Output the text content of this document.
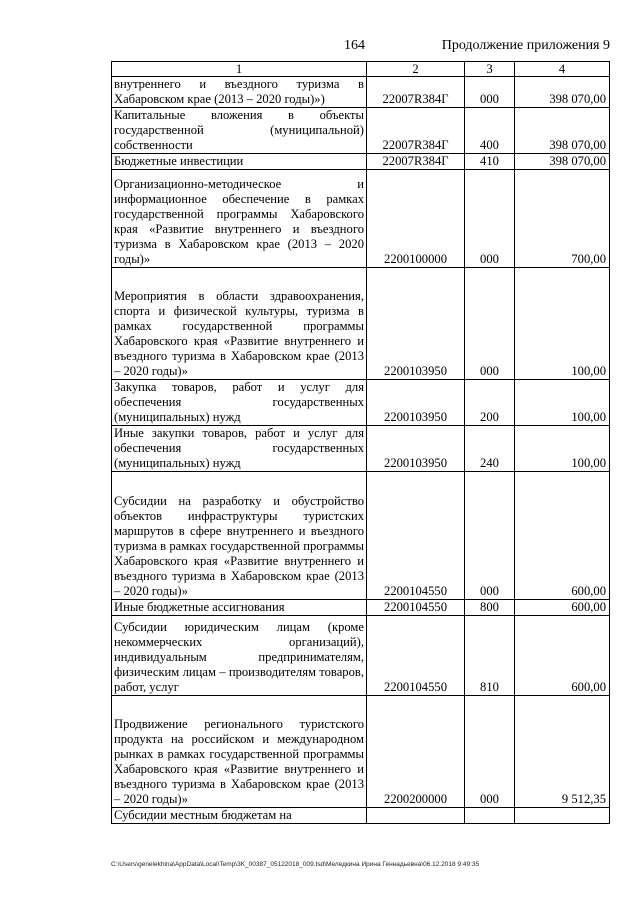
164	Продолжение приложения 9
1	2	3	4
внутреннего и въездного туризма в Хабаровском крае (2013 – 2020 годы)»)	22007R384Г	000	398 070,00
Капитальные вложения в объекты государственной (муниципальной) собственности	22007R384Г	400	398 070,00
Бюджетные инвестиции	22007R384Г	410	398 070,00
Организационно-методическое и информационное обеспечение в рамках государственной программы Хабаровского края «Развитие внутреннего и въездного туризма в Хабаровском крае (2013 – 2020 годы)»	2200100000	000	700,00
Мероприятия в области здравоохранения, спорта и физической культуры, туризма в рамках государственной программы Хабаровского края «Развитие внутреннего и въездного туризма в Хабаровском крае (2013 – 2020 годы)»	2200103950	000	100,00
Закупка товаров, работ и услуг для обеспечения государственных (муниципальных) нужд	2200103950	200	100,00
Иные закупки товаров, работ и услуг для обеспечения государственных (муниципальных) нужд	2200103950	240	100,00
Субсидии на разработку и обустройство объектов инфраструктуры туристских маршрутов в сфере внутреннего и въездного туризма в рамках государственной программы Хабаровского края «Развитие внутреннего и въездного туризма в Хабаровском крае (2013 – 2020 годы)»	2200104550	000	600,00
Иные бюджетные ассигнования	2200104550	800	600,00
Субсидии юридическим лицам (кроме некоммерческих организаций), индивидуальным предпринимателям, физическим лицам – производителям товаров, работ, услуг	2200104550	810	600,00
Продвижение регионального туристского продукта на российском и международном рынках в рамках государственной программы Хабаровского края «Развитие внутреннего и въездного туризма в Хабаровском крае (2013 – 2020 годы)»	2200200000	000	9 512,35
Субсидии местным бюджетам на			
C:\Users\genelekhina\AppData\Local\Temp\3K_00387_05122018_009.tsd\Меледкина Ирина Геннадьевна\06.12.2018 9:49:35
